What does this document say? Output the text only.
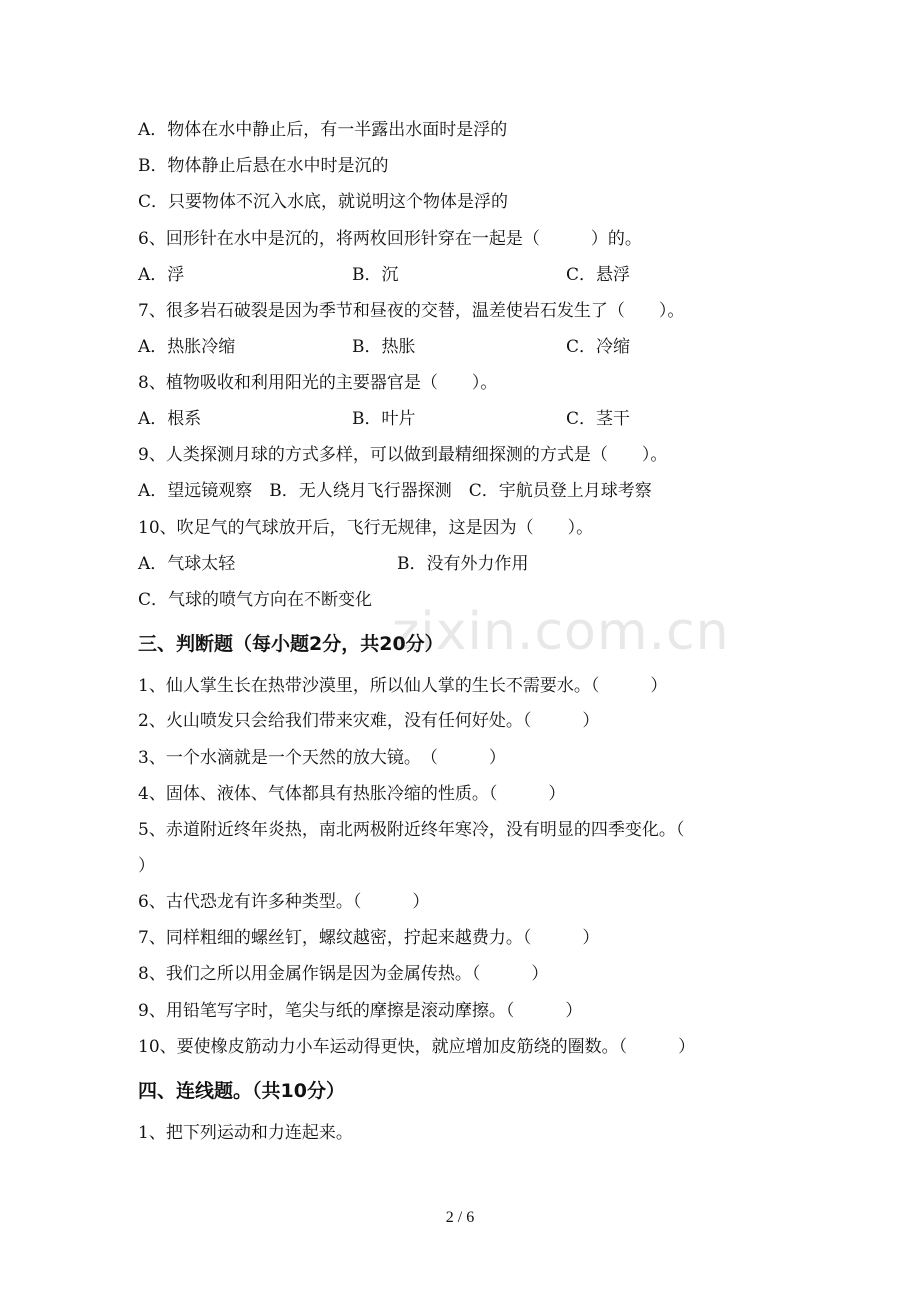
zixin.com.cn
A．物体在水中静止后，有一半露出水面时是浮的
B．物体静止后悬在水中时是沉的
C．只要物体不沉入水底，就说明这个物体是浮的
6、回形针在水中是沉的，将两枚回形针穿在一起是（　　　）的。
A．浮	B．沉	C．悬浮
7、很多岩石破裂是因为季节和昼夜的交替，温差使岩石发生了（　　）。
A．热胀冷缩	B．热胀	C．冷缩
8、植物吸收和利用阳光的主要器官是（　　）。
A．根系	B．叶片	C．茎干
9、人类探测月球的方式多样，可以做到最精细探测的方式是（　　）。
A．望远镜观察　B．无人绕月飞行器探测　C．宇航员登上月球考察
10、吹足气的气球放开后，飞行无规律，这是因为（　　）。
A．气球太轻	B．没有外力作用
C．气球的喷气方向在不断变化
三、判断题（每小题2分，共20分）
1、仙人掌生长在热带沙漠里，所以仙人掌的生长不需要水。（　　　）
2、火山喷发只会给我们带来灾难，没有任何好处。（　　　）
3、一个水滴就是一个天然的放大镜。　（　　　）
4、固体、液体、气体都具有热胀冷缩的性质。（　　　）
5、赤道附近终年炎热，南北两极附近终年寒冷，没有明显的四季变化。（
）
6、古代恐龙有许多种类型。（　　　）
7、同样粗细的螺丝钉，螺纹越密，拧起来越费力。（　　　）
8、我们之所以用金属作锅是因为金属传热。（　　　）
9、用铅笔写字时，笔尖与纸的摩擦是滚动摩擦。（　　　）
10、要使橡皮筋动力小车运动得更快，就应增加皮筋绕的圈数。（　　　）
四、连线题。（共10分）
1、把下列运动和力连起来。
2 / 6
